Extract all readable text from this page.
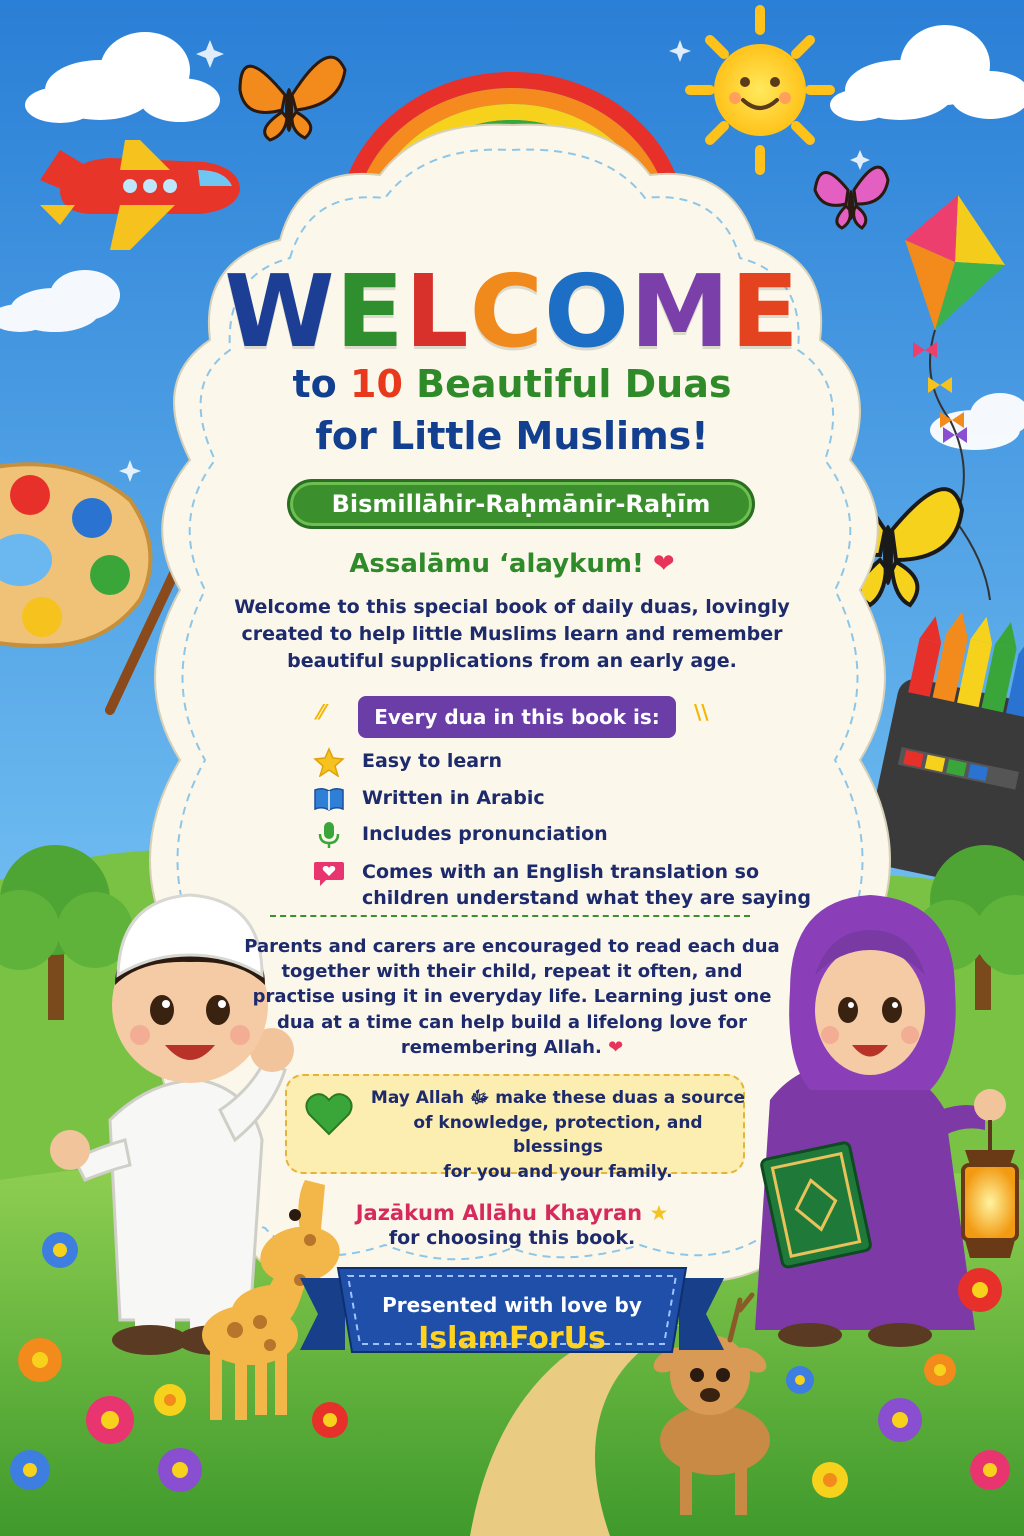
WELCOME
to 10 Beautiful Duas
for Little Muslims!
Bismillāhir-Raḥmānir-Raḥīm
Assalāmu ‘alaykum! ❤
Welcome to this special book of daily duas, lovingly
created to help little Muslims learn and remember
beautiful supplications from an early age.
⁄⁄	Every dua in this book is:	\\
Easy to learn
Written in Arabic
Includes pronunciation
Comes with an English translation so
children understand what they are saying
Parents and carers are encouraged to read each dua
together with their child, repeat it often, and
practise using it in everyday life. Learning just one
dua at a time can help build a lifelong love for
remembering Allah. ❤
May Allah ﷻ make these duas a source
of knowledge, protection, and blessings
for you and your family.
Jazākum Allāhu Khayran ★
for choosing this book.
Presented with love by
IslamForUs
